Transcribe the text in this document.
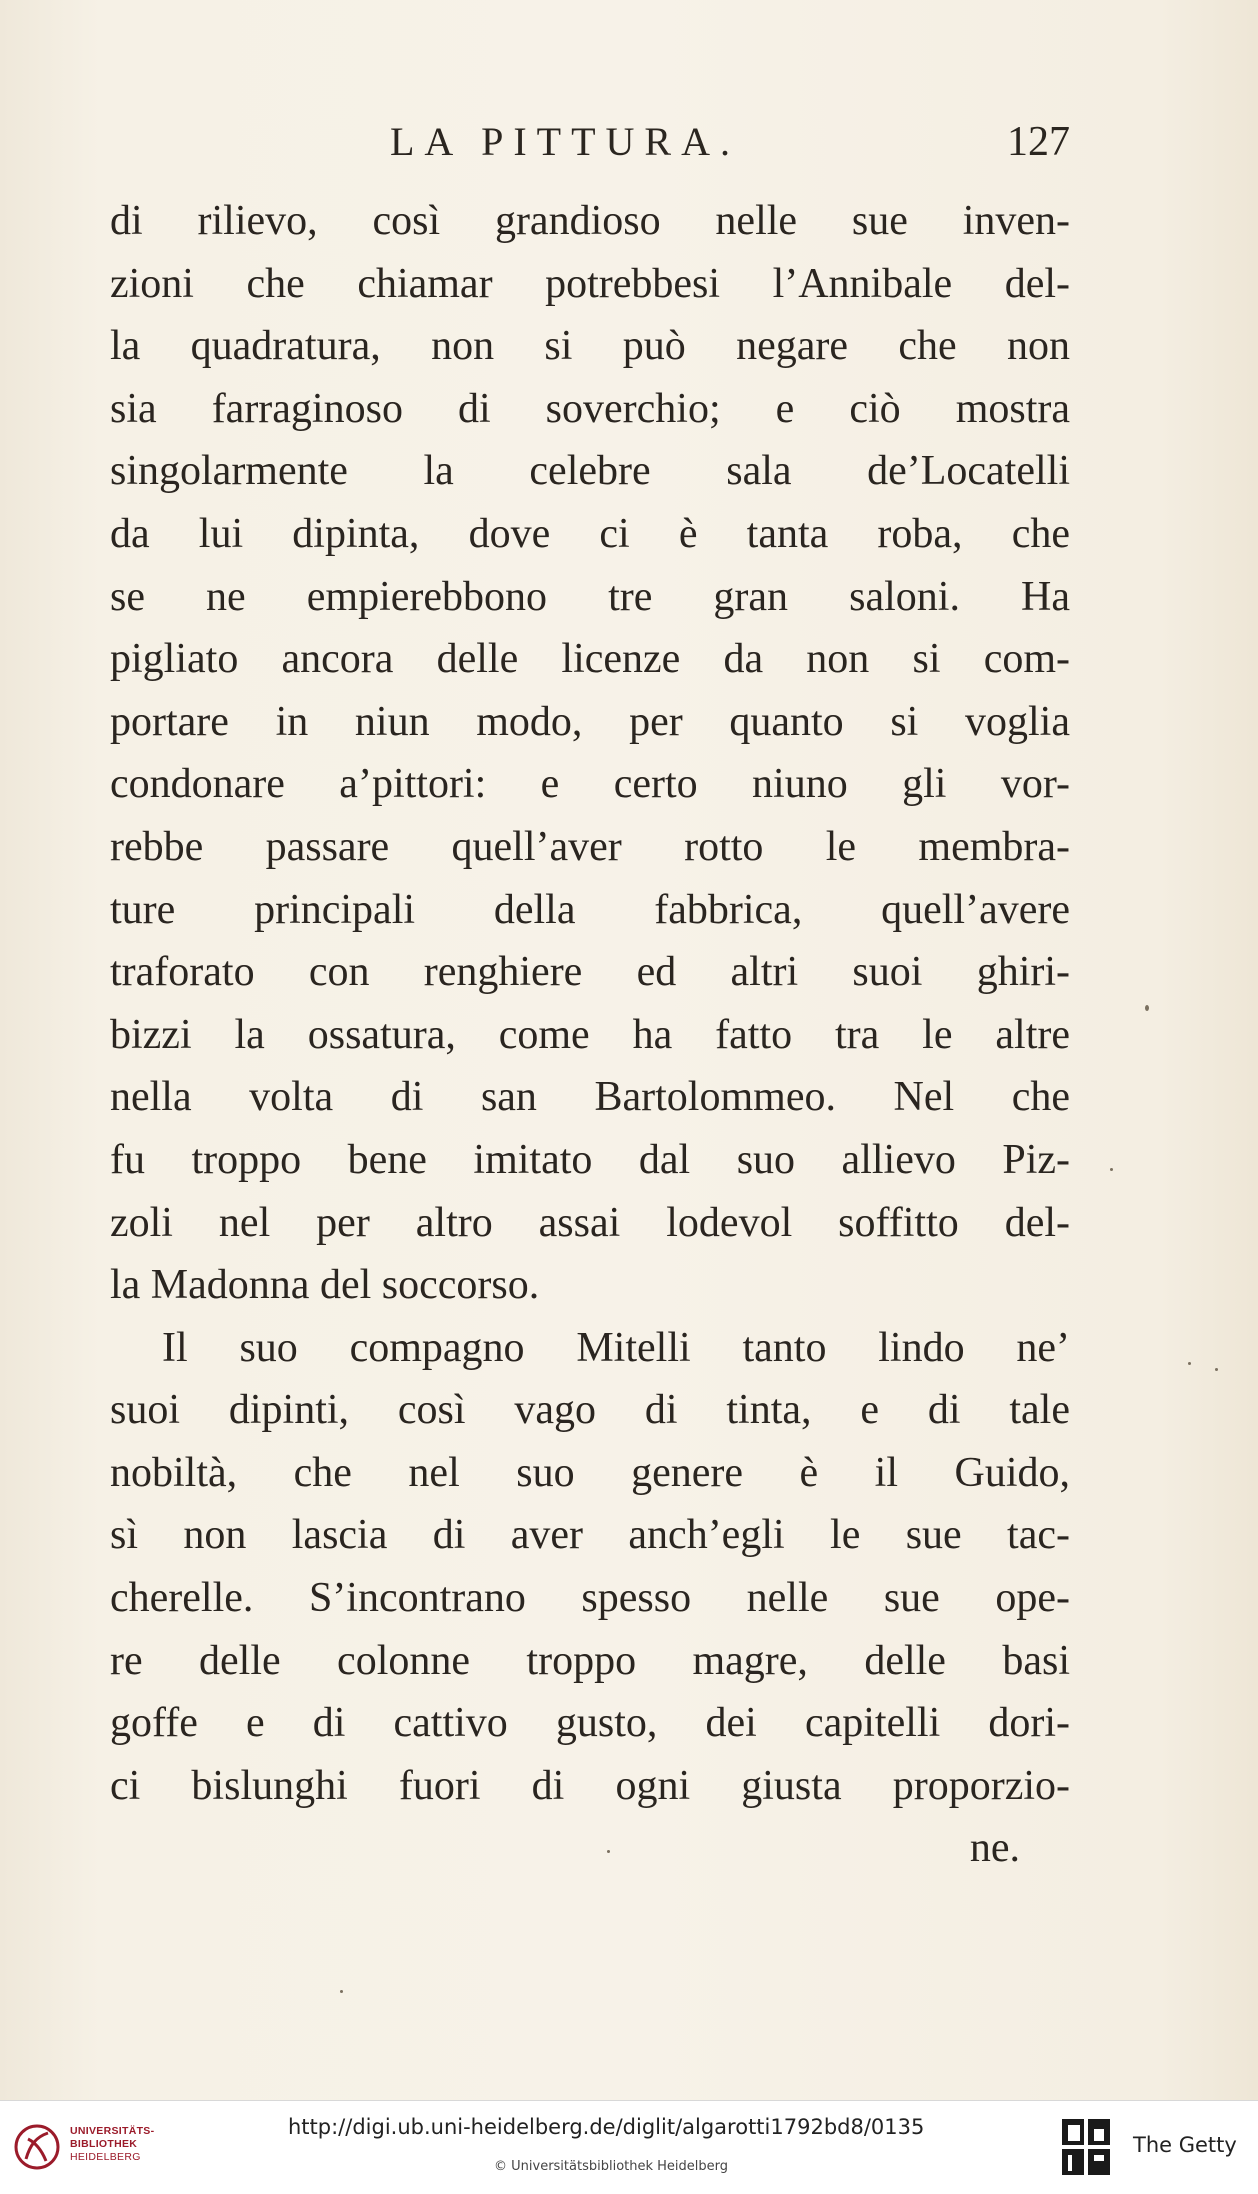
LA PITTURA.	127
di rilievo, così grandioso nelle sue inven-
zioni che chiamar potrebbesi l’Annibale del-
la quadratura, non si può negare che non
sia farraginoso di soverchio; e ciò mostra
singolarmente la celebre sala de’Locatelli
da lui dipinta, dove ci è tanta roba, che
se ne empierebbono tre gran saloni. Ha
pigliato ancora delle licenze da non si com-
portare in niun modo, per quanto si voglia
condonare a’pittori: e certo niuno gli vor-
rebbe passare quell’aver rotto le membra-
ture principali della fabbrica, quell’avere
traforato con renghiere ed altri suoi ghiri-
bizzi la ossatura, come ha fatto tra le altre
nella volta di san Bartolommeo. Nel che
fu troppo bene imitato dal suo allievo Piz-
zoli nel per altro assai lodevol soffitto del-
la Madonna del soccorso.
Il suo compagno Mitelli tanto lindo ne’
suoi dipinti, così vago di tinta, e di tale
nobiltà, che nel suo genere è il Guido,
sì non lascia di aver anch’egli le sue tac-
cherelle. S’incontrano spesso nelle sue ope-
re delle colonne troppo magre, delle basi
goffe e di cattivo gusto, dei capitelli dori-
ci bislunghi fuori di ogni giusta proporzio-
ne.
UNIVERSITÄTS-
BIBLIOTHEK
HEIDELBERG
http://digi.ub.uni-heidelberg.de/diglit/algarotti1792bd8/0135
© Universitätsbibliothek Heidelberg
The Getty
